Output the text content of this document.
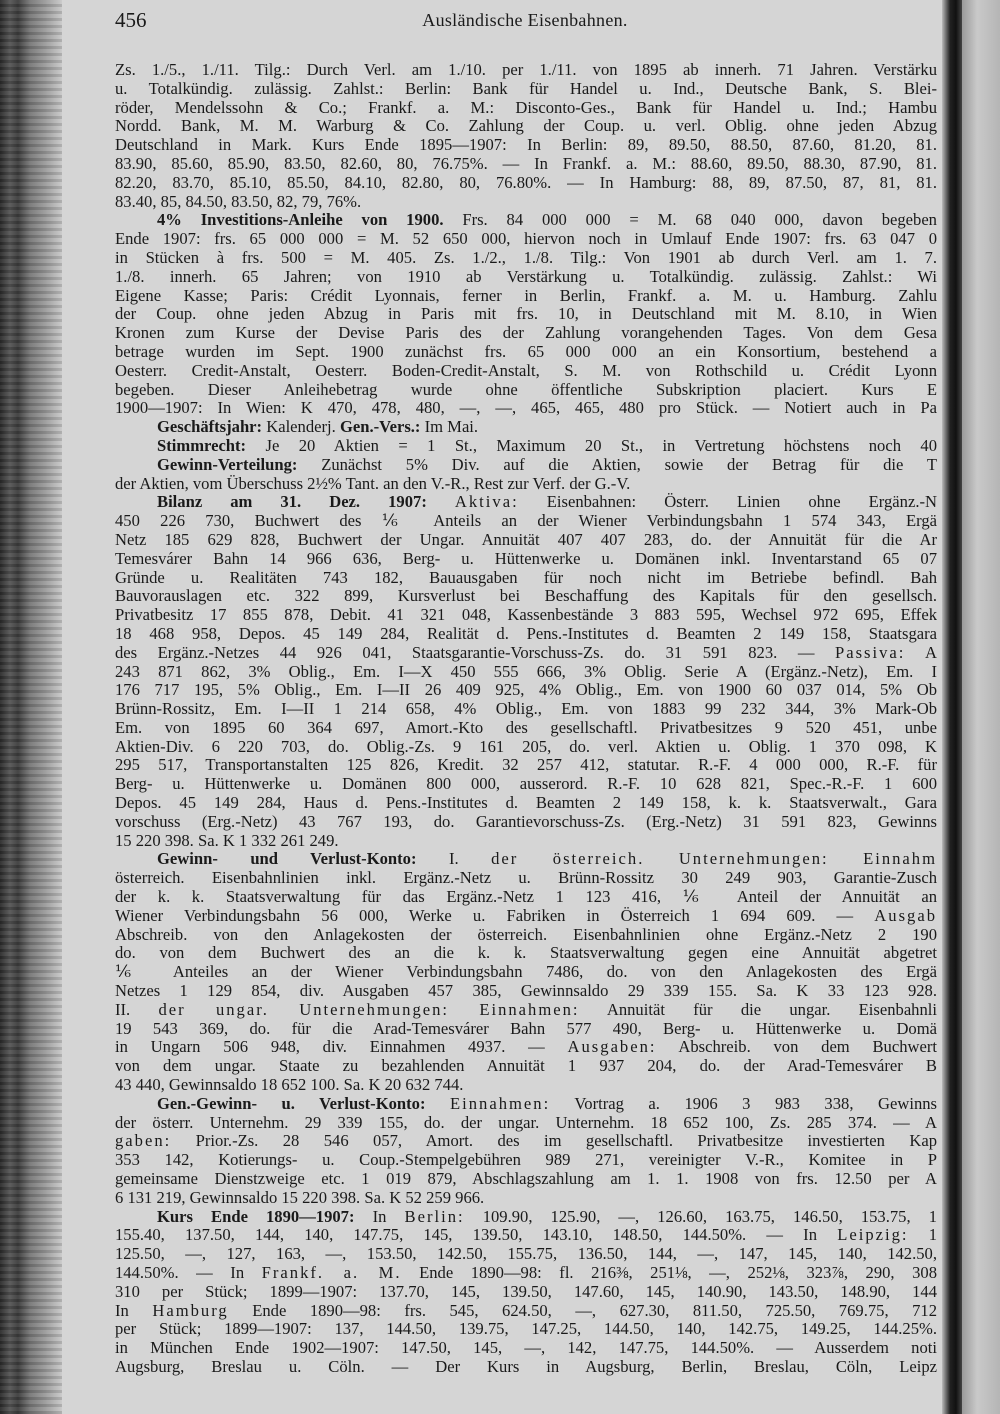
456	Ausländische Eisenbahnen.
Zs. 1./5., 1./11. Tilg.: Durch Verl. am 1./10. per 1./11. von 1895 ab innerh. 71 Jahren. Verstärku
u. Totalkündig. zulässig. Zahlst.: Berlin: Bank für Handel u. Ind., Deutsche Bank, S. Blei-
röder, Mendelssohn & Co.; Frankf. a. M.: Disconto-Ges., Bank für Handel u. Ind.; Hambu
Nordd. Bank, M. M. Warburg & Co. Zahlung der Coup. u. verl. Oblig. ohne jeden Abzug
Deutschland in Mark. Kurs Ende 1895—1907: In Berlin: 89, 89.50, 88.50, 87.60, 81.20, 81.
83.90, 85.60, 85.90, 83.50, 82.60, 80, 76.75%. — In Frankf. a. M.: 88.60, 89.50, 88.30, 87.90, 81.
82.20, 83.70, 85.10, 85.50, 84.10, 82.80, 80, 76.80%. — In Hamburg: 88, 89, 87.50, 87, 81, 81.
83.40, 85, 84.50, 83.50, 82, 79, 76%.
4% Investitions-Anleihe von 1900. Frs. 84 000 000 = M. 68 040 000, davon begeben
Ende 1907: frs. 65 000 000 = M. 52 650 000, hiervon noch in Umlauf Ende 1907: frs. 63 047 0
in Stücken à frs. 500 = M. 405. Zs. 1./2., 1./8. Tilg.: Von 1901 ab durch Verl. am 1. 7.
1./8. innerh. 65 Jahren; von 1910 ab Verstärkung u. Totalkündig. zulässig. Zahlst.: Wi
Eigene Kasse; Paris: Crédit Lyonnais, ferner in Berlin, Frankf. a. M. u. Hamburg. Zahlu
der Coup. ohne jeden Abzug in Paris mit frs. 10, in Deutschland mit M. 8.10, in Wien
Kronen zum Kurse der Devise Paris des der Zahlung vorangehenden Tages. Von dem Gesa
betrage wurden im Sept. 1900 zunächst frs. 65 000 000 an ein Konsortium, bestehend a
Oesterr. Credit-Anstalt, Oesterr. Boden-Credit-Anstalt, S. M. von Rothschild u. Crédit Lyonn
begeben. Dieser Anleihebetrag wurde ohne öffentliche Subskription placiert. Kurs E
1900—1907: In Wien: K 470, 478, 480, —, —, 465, 465, 480 pro Stück. — Notiert auch in Pa
Geschäftsjahr: Kalenderj. Gen.-Vers.: Im Mai.
Stimmrecht: Je 20 Aktien = 1 St., Maximum 20 St., in Vertretung höchstens noch 40
Gewinn-Verteilung: Zunächst 5% Div. auf die Aktien, sowie der Betrag für die T
der Aktien, vom Überschuss 2½% Tant. an den V.-R., Rest zur Verf. der G.-V.
Bilanz am 31. Dez. 1907: Aktiva: Eisenbahnen: Österr. Linien ohne Ergänz.-N
450 226 730, Buchwert des ⅙ Anteils an der Wiener Verbindungsbahn 1 574 343, Ergä
Netz 185 629 828, Buchwert der Ungar. Annuität 407 407 283, do. der Annuität für die Ar
Temesvárer Bahn 14 966 636, Berg- u. Hüttenwerke u. Domänen inkl. Inventarstand 65 07
Gründe u. Realitäten 743 182, Bauausgaben für noch nicht im Betriebe befindl. Bah
Bauvorauslagen etc. 322 899, Kursverlust bei Beschaffung des Kapitals für den gesellsch.
Privatbesitz 17 855 878, Debit. 41 321 048, Kassenbestände 3 883 595, Wechsel 972 695, Effek
18 468 958, Depos. 45 149 284, Realität d. Pens.-Institutes d. Beamten 2 149 158, Staatsgara
des Ergänz.-Netzes 44 926 041, Staatsgarantie-Vorschuss-Zs. do. 31 591 823. — Passiva: A
243 871 862, 3% Oblig., Em. I—X 450 555 666, 3% Oblig. Serie A (Ergänz.-Netz), Em. I
176 717 195, 5% Oblig., Em. I—II 26 409 925, 4% Oblig., Em. von 1900 60 037 014, 5% Ob
Brünn-Rossitz, Em. I—II 1 214 658, 4% Oblig., Em. von 1883 99 232 344, 3% Mark-Ob
Em. von 1895 60 364 697, Amort.-Kto des gesellschaftl. Privatbesitzes 9 520 451, unbe
Aktien-Div. 6 220 703, do. Oblig.-Zs. 9 161 205, do. verl. Aktien u. Oblig. 1 370 098, K
295 517, Transportanstalten 125 826, Kredit. 32 257 412, statutar. R.-F. 4 000 000, R.-F. für
Berg- u. Hüttenwerke u. Domänen 800 000, ausserord. R.-F. 10 628 821, Spec.-R.-F. 1 600
Depos. 45 149 284, Haus d. Pens.-Institutes d. Beamten 2 149 158, k. k. Staatsverwalt., Gara
vorschuss (Erg.-Netz) 43 767 193, do. Garantievorschuss-Zs. (Erg.-Netz) 31 591 823, Gewinns
15 220 398. Sa. K 1 332 261 249.
Gewinn- und Verlust-Konto: I. der österreich. Unternehmungen: Einnahm
österreich. Eisenbahnlinien inkl. Ergänz.-Netz u. Brünn-Rossitz 30 249 903, Garantie-Zusch
der k. k. Staatsverwaltung für das Ergänz.-Netz 1 123 416, ⅙ Anteil der Annuität an
Wiener Verbindungsbahn 56 000, Werke u. Fabriken in Österreich 1 694 609. — Ausgab
Abschreib. von den Anlagekosten der österreich. Eisenbahnlinien ohne Ergänz.-Netz 2 190
do. von dem Buchwert des an die k. k. Staatsverwaltung gegen eine Annuität abgetret
⅙ Anteiles an der Wiener Verbindungsbahn 7486, do. von den Anlagekosten des Ergä
Netzes 1 129 854, div. Ausgaben 457 385, Gewinnsaldo 29 339 155. Sa. K 33 123 928.
II. der ungar. Unternehmungen: Einnahmen: Annuität für die ungar. Eisenbahnli
19 543 369, do. für die Arad-Temesvárer Bahn 577 490, Berg- u. Hüttenwerke u. Domä
in Ungarn 506 948, div. Einnahmen 4937. — Ausgaben: Abschreib. von dem Buchwert
von dem ungar. Staate zu bezahlenden Annuität 1 937 204, do. der Arad-Temesvárer B
43 440, Gewinnsaldo 18 652 100. Sa. K 20 632 744.
Gen.-Gewinn- u. Verlust-Konto: Einnahmen: Vortrag a. 1906 3 983 338, Gewinns
der österr. Unternehm. 29 339 155, do. der ungar. Unternehm. 18 652 100, Zs. 285 374. — A
gaben: Prior.-Zs. 28 546 057, Amort. des im gesellschaftl. Privatbesitze investierten Kap
353 142, Kotierungs- u. Coup.-Stempelgebühren 989 271, vereinigter V.-R., Komitee in P
gemeinsame Dienstzweige etc. 1 019 879, Abschlagszahlung am 1. 1. 1908 von frs. 12.50 per A
6 131 219, Gewinnsaldo 15 220 398. Sa. K 52 259 966.
Kurs Ende 1890—1907: In Berlin: 109.90, 125.90, —, 126.60, 163.75, 146.50, 153.75, 1
155.40, 137.50, 144, 140, 147.75, 145, 139.50, 143.10, 148.50, 144.50%. — In Leipzig: 1
125.50, —, 127, 163, —, 153.50, 142.50, 155.75, 136.50, 144, —, 147, 145, 140, 142.50,
144.50%. — In Frankf. a. M. Ende 1890—98: fl. 216⅜, 251⅛, —, 252⅛, 323⅞, 290, 308
310 per Stück; 1899—1907: 137.70, 145, 139.50, 147.60, 145, 140.90, 143.50, 148.90, 144
In Hamburg Ende 1890—98: frs. 545, 624.50, —, 627.30, 811.50, 725.50, 769.75, 712
per Stück; 1899—1907: 137, 144.50, 139.75, 147.25, 144.50, 140, 142.75, 149.25, 144.25%.
in München Ende 1902—1907: 147.50, 145, —, 142, 147.75, 144.50%. — Ausserdem noti
Augsburg, Breslau u. Cöln. — Der Kurs in Augsburg, Berlin, Breslau, Cöln, Leipz
